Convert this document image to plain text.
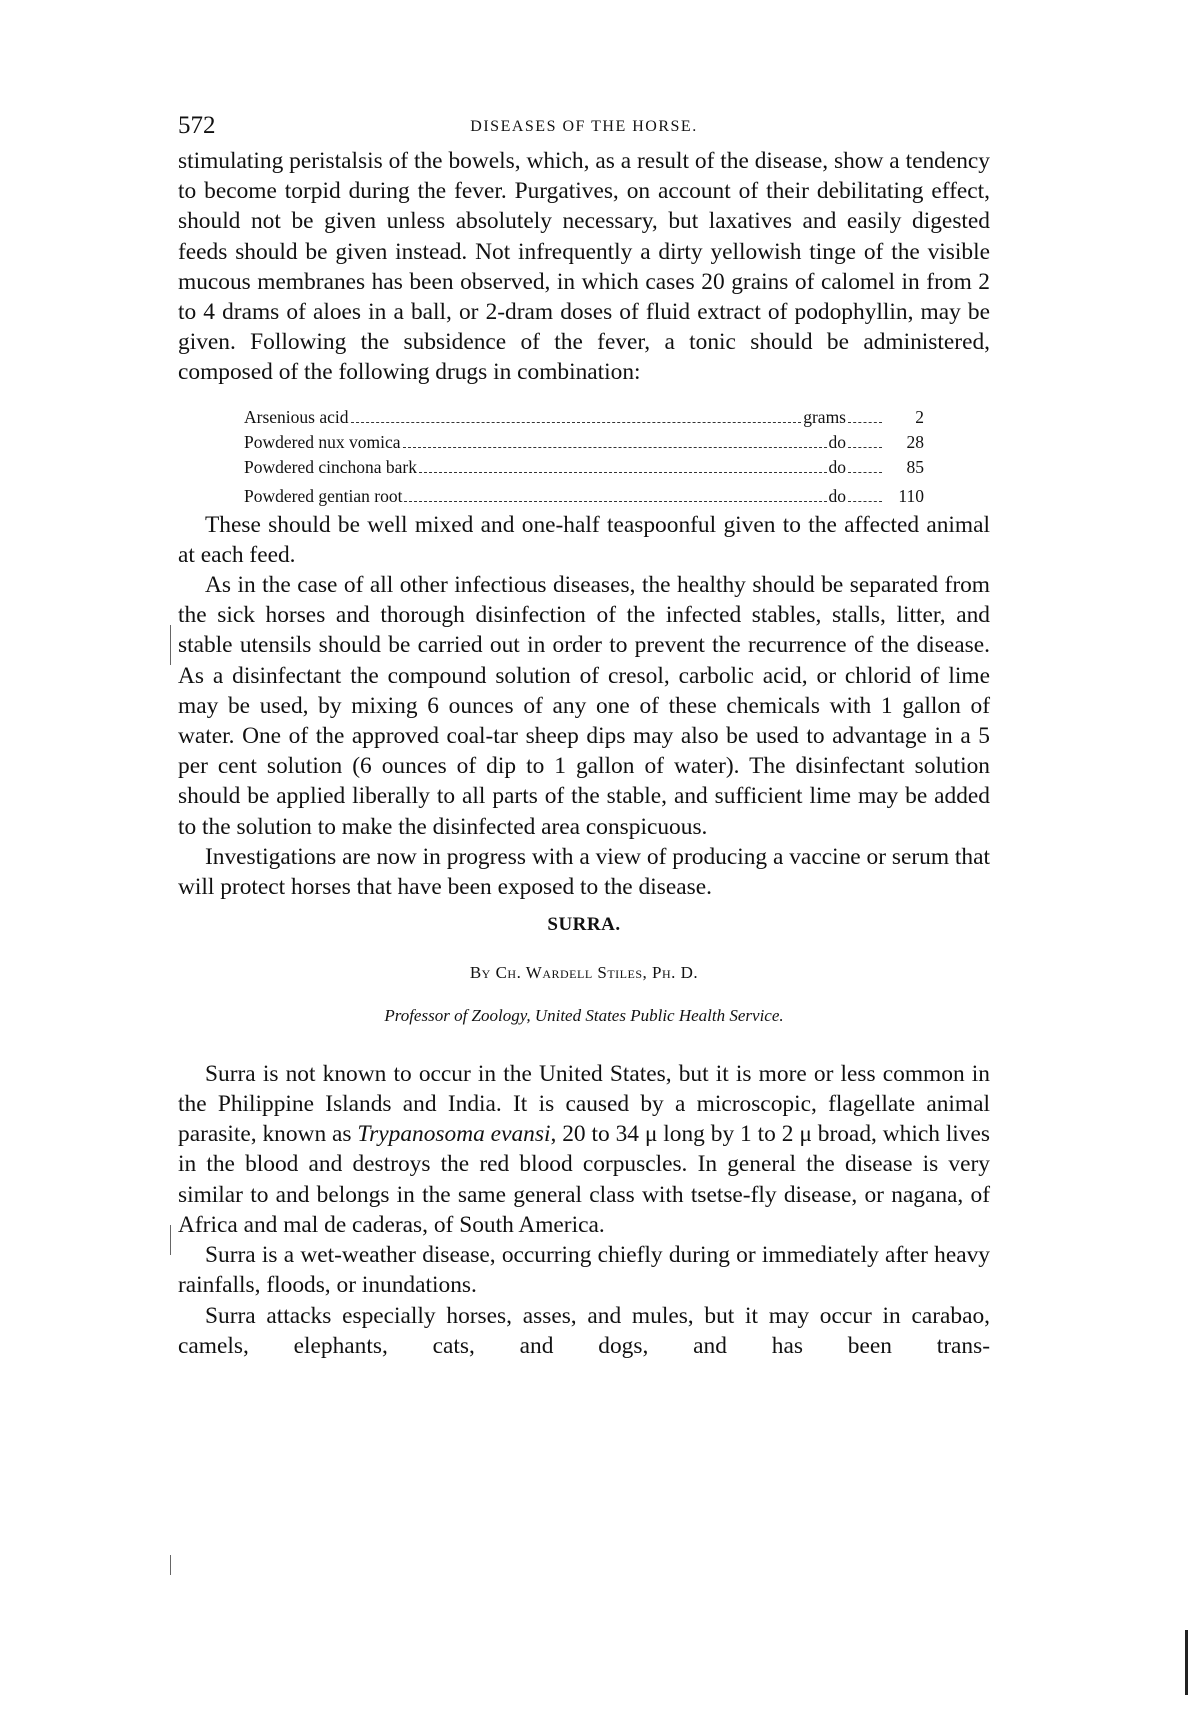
572	DISEASES OF THE HORSE.

stimulating peristalsis of the bowels, which, as a result of the disease, show a tendency to become torpid during the fever. Purgatives, on account of their debilitating effect, should not be given unless absolutely necessary, but laxatives and easily digested feeds should be given instead. Not infrequently a dirty yellowish tinge of the visible mucous membranes has been observed, in which cases 20 grains of calomel in from 2 to 4 drams of aloes in a ball, or 2-dram doses of fluid extract of podophyllin, may be given. Following the subsidence of the fever, a tonic should be administered, composed of the following drugs in combination:

Arsenious acid	grams	2
Powdered nux vomica	do	28
Powdered cinchona bark	do	85
Powdered gentian root	do	110

These should be well mixed and one-half teaspoonful given to the affected animal at each feed.

As in the case of all other infectious diseases, the healthy should be separated from the sick horses and thorough disinfection of the infected stables, stalls, litter, and stable utensils should be carried out in order to prevent the recurrence of the disease. As a disinfectant the compound solution of cresol, carbolic acid, or chlorid of lime may be used, by mixing 6 ounces of any one of these chemicals with 1 gallon of water. One of the approved coal-tar sheep dips may also be used to advantage in a 5 per cent solution (6 ounces of dip to 1 gallon of water). The disinfectant solution should be applied liberally to all parts of the stable, and sufficient lime may be added to the solution to make the disinfected area conspicuous.

Investigations are now in progress with a view of producing a vaccine or serum that will protect horses that have been exposed to the disease.

SURRA.
By Ch. Wardell Stiles, Ph. D.
Professor of Zoology, United States Public Health Service.

Surra is not known to occur in the United States, but it is more or less common in the Philippine Islands and India. It is caused by a microscopic, flagellate animal parasite, known as Trypanosoma evansi, 20 to 34 μ long by 1 to 2 μ broad, which lives in the blood and destroys the red blood corpuscles. In general the disease is very similar to and belongs in the same general class with tsetse-fly disease, or nagana, of Africa and mal de caderas, of South America.

Surra is a wet-weather disease, occurring chiefly during or immediately after heavy rainfalls, floods, or inundations.

Surra attacks especially horses, asses, and mules, but it may occur in carabao, camels, elephants, cats, and dogs, and has been trans-
